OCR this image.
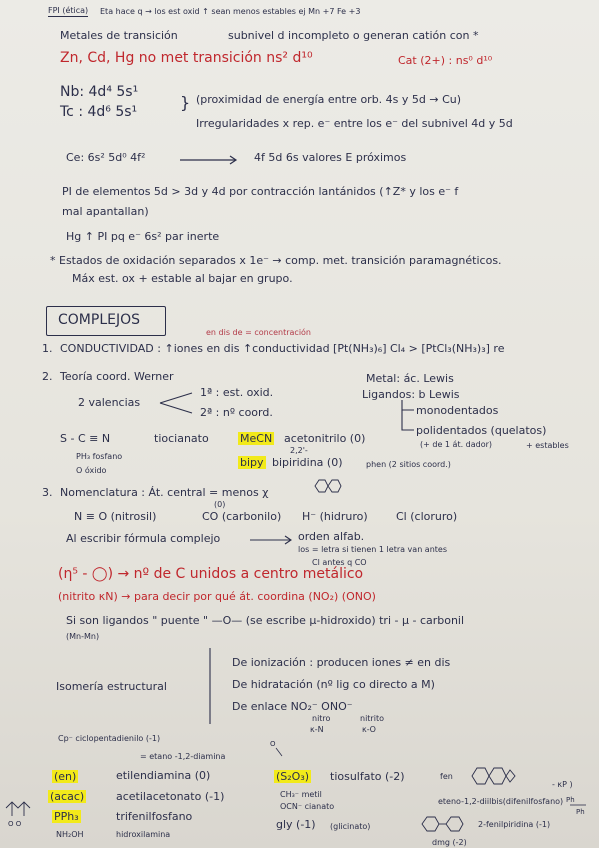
FPI (ética) Eta hace q → los est oxid ↑ sean menos estables ej Mn +7 Fe +3
Metales de transición	subnivel d incompleto o generan catión con *
Zn, Cd, Hg no met transición ns² d¹⁰	Cat (2+) : ns⁰ d¹⁰
Nb: 4d⁴ 5s¹
Tc : 4d⁶ 5s¹	} (proximidad de energía entre orb. 4s y 5d → Cu)
Irregularidades x rep. e⁻ entre los e⁻ del subnivel 4d y 5d
Ce: 6s² 5d⁰ 4f²	4f 5d 6s valores E próximos
PI de elementos 5d > 3d y 4d por contracción lantánidos (↑Z* y los e⁻ f
mal apantallan)
Hg ↑ PI pq e⁻ 6s² par inerte
* Estados de oxidación separados x 1e⁻ → comp. met. transición paramagnéticos.
Máx est. ox + estable al bajar en grupo.
COMPLEJOS
en dis de = concentración
1. CONDUCTIVIDAD : ↑iones en dis ↑conductividad [Pt(NH₃)₆] Cl₄ > [PtCl₃(NH₃)₃] re
2. Teoría coord. Werner
2 valencias
1ª : est. oxid.
2ª : nº coord.
Metal: ác. Lewis
Ligandos: b Lewis
monodentados
polidentados (quelatos)
(+ de 1 át. dador)	+ estables
S - C ≡ N	tiocianato	MeCN acetonitrilo (0)
2,2'-
PH₃ fosfano
O óxido
bipy bipiridina (0)	phen (2 sitios coord.)
3. Nomenclatura : Át. central = menos χ
(0)
N ≡ O (nitrosil)	CO (carbonilo) H⁻ (hidruro)	Cl (cloruro)
Al escribir fórmula complejo	orden alfab.
los = letra si tienen 1 letra van antes
Cl antes q CO
(η⁵ - ◯) → nº de C unidos a centro metálico
(nitrito κN) → para decir por qué át. coordina (NO₂) (ONO)
Si son ligandos " puente " —O— (se escribe μ-hidroxido) tri - μ - carbonil
(Mn-Mn)
Isomería estructural
De ionización : producen iones ≠ en dis
De hidratación (nº lig co directo a M)
De enlace NO₂⁻ ONO⁻
nitro
κ-N
nitrito
κ-O
Cp⁻ ciclopentadienilo (-1)
= etano -1,2-diamina
O
(en)	etilendiamina (0)	(S₂O₃) tiosulfato (-2)	fen
- κP )
(acac)	acetilacetonato (-1)	CH₃⁻ metil
OCN⁻ cianato
eteno-1,2-diilbis(difenilfosfano) Ph
Ph
O O
PPh₃	trifenilfosfano
gly (-1) (glicinato)	2-fenilpiridina (-1)
NH₂OH	hidroxilamina
dmg (-2)
